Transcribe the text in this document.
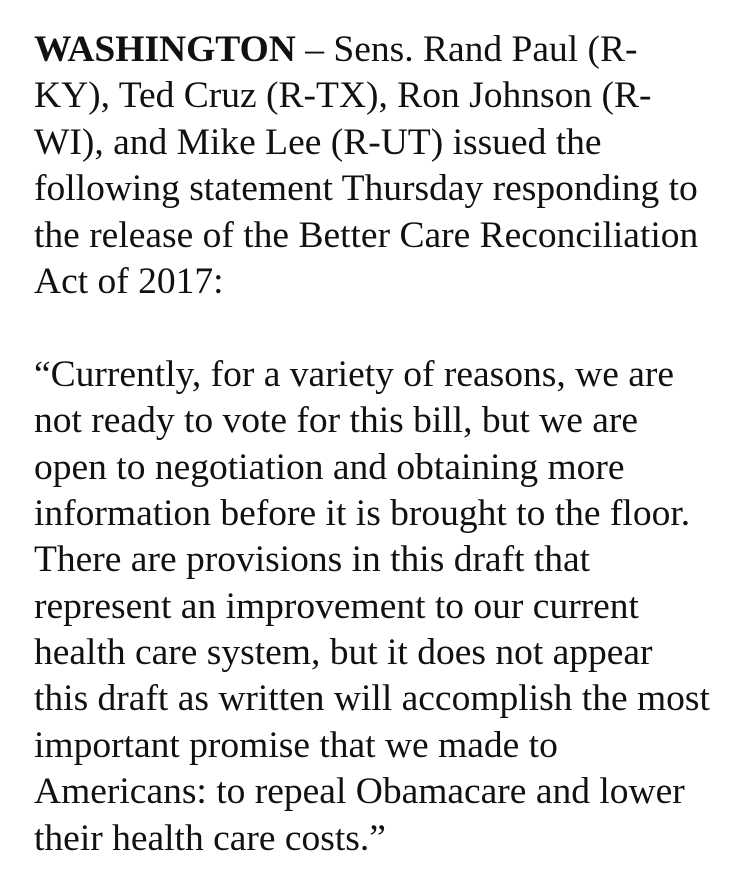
WASHINGTON – Sens. Rand Paul (R-
KY), Ted Cruz (R-TX), Ron Johnson (R-
WI), and Mike Lee (R-UT) issued the
following statement Thursday responding to
the release of the Better Care Reconciliation
Act of 2017:
“Currently, for a variety of reasons, we are
not ready to vote for this bill, but we are
open to negotiation and obtaining more
information before it is brought to the floor.
There are provisions in this draft that
represent an improvement to our current
health care system, but it does not appear
this draft as written will accomplish the most
important promise that we made to
Americans: to repeal Obamacare and lower
their health care costs.”
